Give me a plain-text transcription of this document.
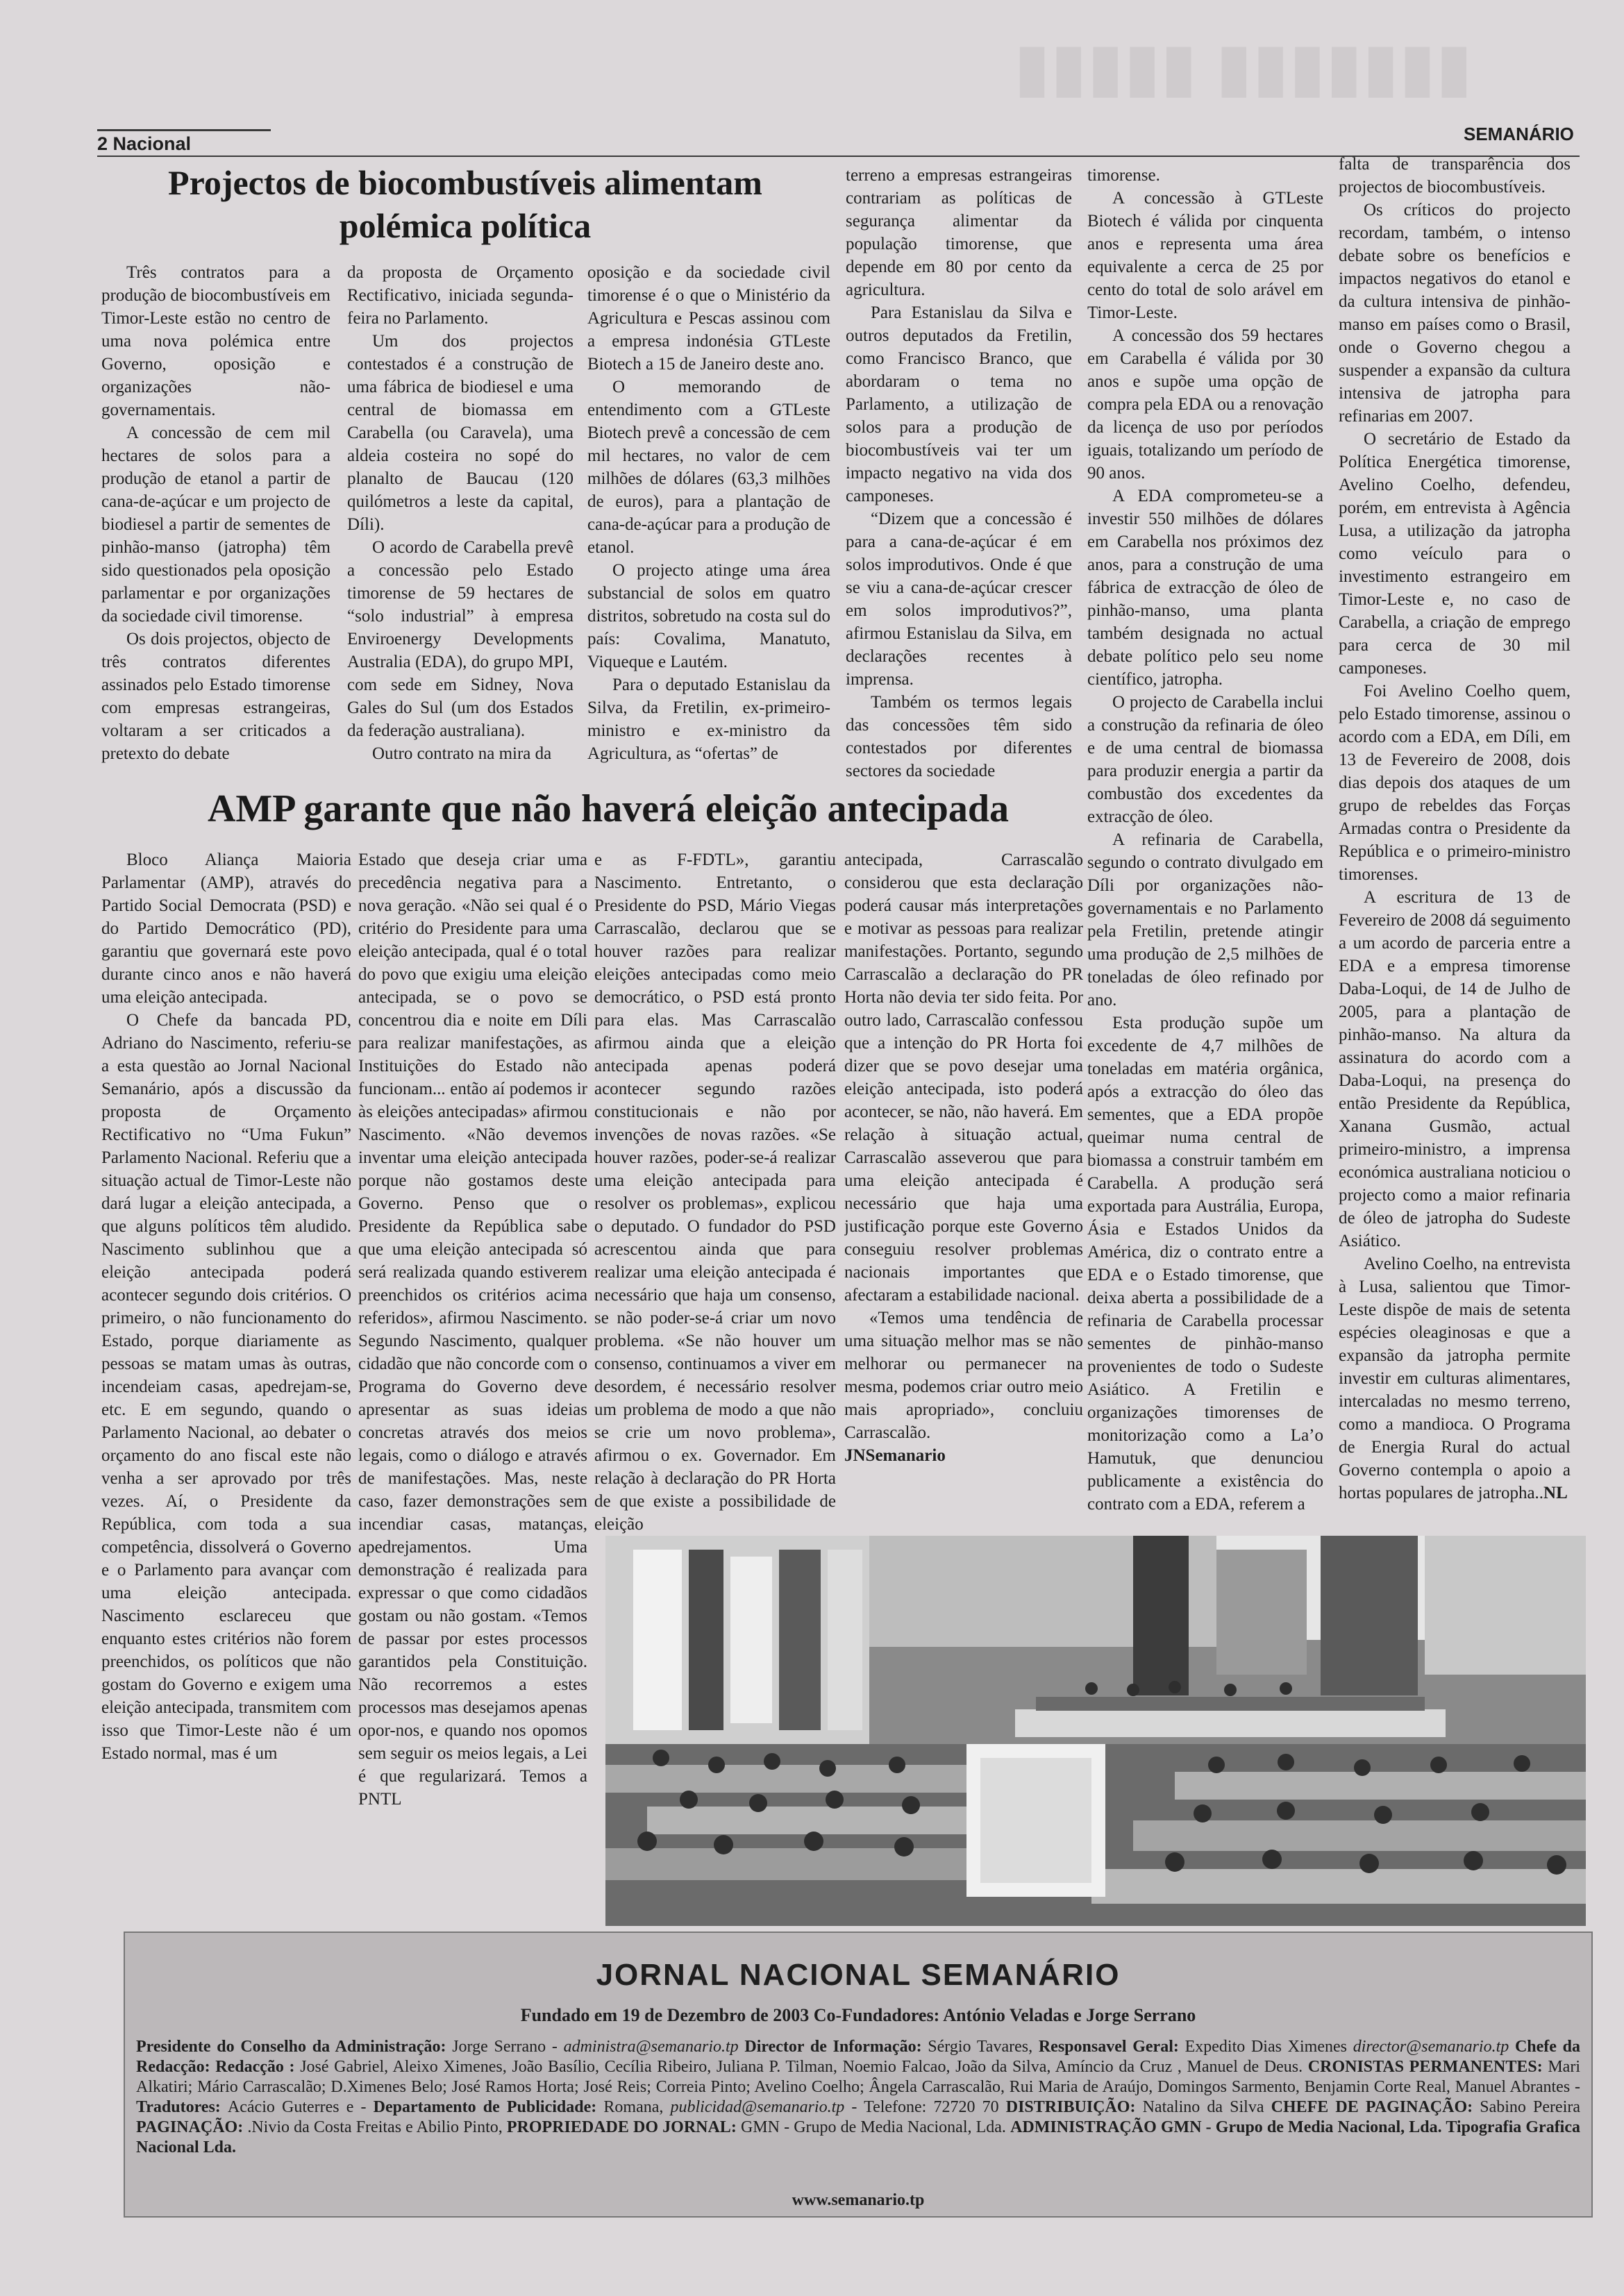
▮▮▮▮▮▮▮ ▮▮▮▮▮
2 Nacional	SEMANÁRIO
Projectos de biocombustíveis alimentam
polémica política

Três contratos para a produção de biocombustíveis em Timor-Leste estão no centro de uma nova polémica entre Governo, oposição e organizações não-governamentais.

A concessão de cem mil hectares de solos para a produção de etanol a partir de cana-de-açúcar e um projecto de biodiesel a partir de sementes de pinhão-manso (jatropha) têm sido questionados pela oposição parlamentar e por organizações da sociedade civil timorense.

Os dois projectos, objecto de três contratos diferentes assinados pelo Estado timorense com empresas estrangeiras, voltaram a ser criticados a pretexto do debate

da proposta de Orçamento Rectificativo, iniciada segunda-feira no Parlamento.

Um dos projectos contestados é a construção de uma fábrica de biodiesel e uma central de biomassa em Carabella (ou Caravela), uma aldeia costeira no sopé do planalto de Baucau (120 quilómetros a leste da capital, Díli).

O acordo de Carabella prevê a concessão pelo Estado timorense de 59 hectares de “solo industrial” à empresa Enviroenergy Developments Australia (EDA), do grupo MPI, com sede em Sidney, Nova Gales do Sul (um dos Estados da federação australiana).

Outro contrato na mira da

oposição e da sociedade civil timorense é o que o Ministério da Agricultura e Pescas assinou com a empresa indonésia GTLeste Biotech a 15 de Janeiro deste ano.

O memorando de entendimento com a GTLeste Biotech prevê a concessão de cem mil hectares, no valor de cem milhões de dólares (63,3 milhões de euros), para a plantação de cana-de-açúcar para a produção de etanol.

O projecto atinge uma área substancial de solos em quatro distritos, sobretudo na costa sul do país: Covalima, Manatuto, Viqueque e Lautém.

Para o deputado Estanislau da Silva, da Fretilin, ex-primeiro-ministro e ex-ministro da Agricultura, as “ofertas” de

terreno a empresas estrangeiras contrariam as políticas de segurança alimentar da população timorense, que depende em 80 por cento da agricultura.

Para Estanislau da Silva e outros deputados da Fretilin, como Francisco Branco, que abordaram o tema no Parlamento, a utilização de solos para a produção de biocombustíveis vai ter um impacto negativo na vida dos camponeses.

“Dizem que a concessão é para a cana-de-açúcar é em solos improdutivos. Onde é que se viu a cana-de-açúcar crescer em solos improdutivos?”, afirmou Estanislau da Silva, em declarações recentes à imprensa.

Também os termos legais das concessões têm sido contestados por diferentes sectores da sociedade

timorense.

A concessão à GTLeste Biotech é válida por cinquenta anos e representa uma área equivalente a cerca de 25 por cento do total de solo arável em Timor-Leste.

A concessão dos 59 hectares em Carabella é válida por 30 anos e supõe uma opção de compra pela EDA ou a renovação da licença de uso por períodos iguais, totalizando um período de 90 anos.

A EDA comprometeu-se a investir 550 milhões de dólares em Carabella nos próximos dez anos, para a construção de uma fábrica de extracção de óleo de pinhão-manso, uma planta também designada no actual debate político pelo seu nome científico, jatropha.

O projecto de Carabella inclui a construção da refinaria de óleo e de uma central de biomassa para produzir energia a partir da combustão dos excedentes da extracção de óleo.

A refinaria de Carabella, segundo o contrato divulgado em Díli por organizações não-governamentais e no Parlamento pela Fretilin, pretende atingir uma produção de 2,5 milhões de toneladas de óleo refinado por ano.

Esta produção supõe um excedente de 4,7 milhões de toneladas em matéria orgânica, após a extracção do óleo das sementes, que a EDA propõe queimar numa central de biomassa a construir também em Carabella. A produção será exportada para Austrália, Europa, Ásia e Estados Unidos da América, diz o contrato entre a EDA e o Estado timorense, que deixa aberta a possibilidade de a refinaria de Carabella processar sementes de pinhão-manso provenientes de todo o Sudeste Asiático. A Fretilin e organizações timorenses de monitorização como a La’o Hamutuk, que denunciou publicamente a existência do contrato com a EDA, referem a

falta de transparência dos projectos de biocombustíveis.

Os críticos do projecto recordam, também, o intenso debate sobre os benefícios e impactos negativos do etanol e da cultura intensiva de pinhão-manso em países como o Brasil, onde o Governo chegou a suspender a expansão da cultura intensiva de jatropha para refinarias em 2007.

O secretário de Estado da Política Energética timorense, Avelino Coelho, defendeu, porém, em entrevista à Agência Lusa, a utilização da jatropha como veículo para o investimento estrangeiro em Timor-Leste e, no caso de Carabella, a criação de emprego para cerca de 30 mil camponeses.

Foi Avelino Coelho quem, pelo Estado timorense, assinou o acordo com a EDA, em Díli, em 13 de Fevereiro de 2008, dois dias depois dos ataques de um grupo de rebeldes das Forças Armadas contra o Presidente da República e o primeiro-ministro timorenses.

A escritura de 13 de Fevereiro de 2008 dá seguimento a um acordo de parceria entre a EDA e a empresa timorense Daba-Loqui, de 14 de Julho de 2005, para a plantação de pinhão-manso. Na altura da assinatura do acordo com a Daba-Loqui, na presença do então Presidente da República, Xanana Gusmão, actual primeiro-ministro, a imprensa económica australiana noticiou o projecto como a maior refinaria de óleo de jatropha do Sudeste Asiático.

Avelino Coelho, na entrevista à Lusa, salientou que Timor-Leste dispõe de mais de setenta espécies oleaginosas e que a expansão da jatropha permite investir em culturas alimentares, intercaladas no mesmo terreno, como a mandioca. O Programa de Energia Rural do actual Governo contempla o apoio a hortas populares de jatropha..NL

AMP garante que não haverá eleição antecipada

Bloco Aliança Maioria Parlamentar (AMP), através do Partido Social Democrata (PSD) e do Partido Democrático (PD), garantiu que governará este povo durante cinco anos e não haverá uma eleição antecipada.

O Chefe da bancada PD, Adriano do Nascimento, referiu-se a esta questão ao Jornal Nacional Semanário, após a discussão da proposta de Orçamento Rectificativo no “Uma Fukun” Parlamento Nacional. Referiu que a situação actual de Timor-Leste não dará lugar a eleição antecipada, a que alguns políticos têm aludido. Nascimento sublinhou que a eleição antecipada poderá acontecer segundo dois critérios. O primeiro, o não funcionamento do Estado, porque diariamente as pessoas se matam umas às outras, incendeiam casas, apedrejam-se, etc. E em segundo, quando o Parlamento Nacional, ao debater o orçamento do ano fiscal este não venha a ser aprovado por três vezes. Aí, o Presidente da República, com toda a sua competência, dissolverá o Governo e o Parlamento para avançar com uma eleição antecipada. Nascimento esclareceu que enquanto estes critérios não forem preenchidos, os políticos que não gostam do Governo e exigem uma eleição antecipada, transmitem com isso que Timor-Leste não é um Estado normal, mas é um

Estado que deseja criar uma precedência negativa para a nova geração. «Não sei qual é o critério do Presidente para uma eleição antecipada, qual é o total do povo que exigiu uma eleição antecipada, se o povo se concentrou dia e noite em Díli para realizar manifestações, as Instituições do Estado não funcionam... então aí podemos ir às eleições antecipadas» afirmou Nascimento. «Não devemos inventar uma eleição antecipada porque não gostamos deste Governo. Penso que o Presidente da República sabe que uma eleição antecipada só será realizada quando estiverem preenchidos os critérios acima referidos», afirmou Nascimento. Segundo Nascimento, qualquer cidadão que não concorde com o Programa do Governo deve apresentar as suas ideias concretas através dos meios legais, como o diálogo e através de manifestações. Mas, neste caso, fazer demonstrações sem incendiar casas, matanças, apedrejamentos. Uma demonstração é realizada para expressar o que como cidadãos gostam ou não gostam. «Temos de passar por estes processos garantidos pela Constituição. Não recorremos a estes processos mas desejamos apenas opor-nos, e quando nos opomos sem seguir os meios legais, a Lei é que regularizará. Temos a PNTL

e as F-FDTL», garantiu Nascimento. Entretanto, o Presidente do PSD, Mário Viegas Carrascalão, declarou que se houver razões para realizar eleições antecipadas como meio democrático, o PSD está pronto para elas. Mas Carrascalão afirmou ainda que a eleição antecipada apenas poderá acontecer segundo razões constitucionais e não por invenções de novas razões. «Se houver razões, poder-se-á realizar uma eleição antecipada para resolver os problemas», explicou o deputado. O fundador do PSD acrescentou ainda que para realizar uma eleição antecipada é necessário que haja um consenso, se não poder-se-á criar um novo problema. «Se não houver um consenso, continuamos a viver em desordem, é necessário resolver um problema de modo a que não se crie um novo problema», afirmou o ex. Governador. Em relação à declaração do PR Horta de que existe a possibilidade de eleição

antecipada, Carrascalão considerou que esta declaração poderá causar más interpretações e motivar as pessoas para realizar manifestações. Portanto, segundo Carrascalão a declaração do PR Horta não devia ter sido feita. Por outro lado, Carrascalão confessou que a intenção do PR Horta foi dizer que se povo desejar uma eleição antecipada, isto poderá acontecer, se não, não haverá. Em relação à situação actual, Carrascalão asseverou que para uma eleição antecipada é necessário que haja uma justificação porque este Governo conseguiu resolver problemas nacionais importantes que afectaram a estabilidade nacional.

«Temos uma tendência de uma situação melhor mas se não melhorar ou permanecer na mesma, podemos criar outro meio mais apropriado», concluiu Carrascalão.

JNSemanario

JORNAL NACIONAL SEMANÁRIO
Fundado em 19 de Dezembro de 2003 Co-Fundadores: António Veladas e Jorge Serrano
Presidente do Conselho da Administração: Jorge Serrano - administra@semanario.tp Director de Informação: Sérgio Tavares, Responsavel Geral: Expedito Dias Ximenes director@semanario.tp Chefe da Redacção: Redacção : José Gabriel, Aleixo Ximenes, João Basílio, Cecília Ribeiro, Juliana P. Tilman, Noemio Falcao, João da Silva, Amíncio da Cruz , Manuel de Deus. CRONISTAS PERMANENTES: Mari Alkatiri; Mário Carrascalão; D.Ximenes Belo; José Ramos Horta; José Reis; Correia Pinto; Avelino Coelho; Ângela Carrascalão, Rui Maria de Araújo, Domingos Sarmento, Benjamin Corte Real, Manuel Abrantes - Tradutores: Acácio Guterres e - Departamento de Publicidade: Romana, publicidad@semanario.tp - Telefone: 72720 70 DISTRIBUIÇÃO: Natalino da Silva CHEFE DE PAGINAÇÃO: Sabino Pereira PAGINAÇÃO: .Nivio da Costa Freitas e Abilio Pinto, PROPRIEDADE DO JORNAL: GMN - Grupo de Media Nacional, Lda. ADMINISTRAÇÃO GMN - Grupo de Media Nacional, Lda. Tipografia Grafica Nacional Lda.
www.semanario.tp
